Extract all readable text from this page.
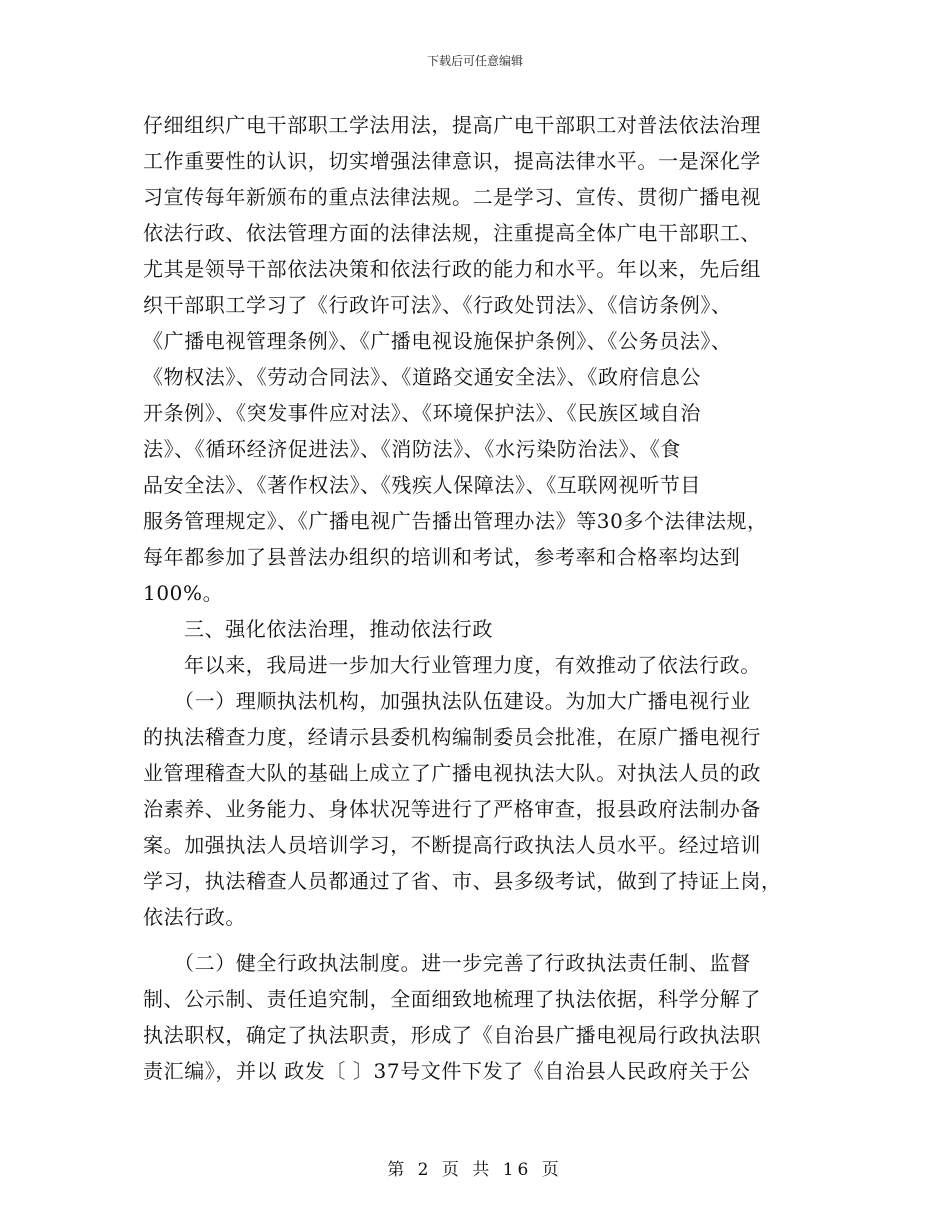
下载后可任意编辑
仔细组织广电干部职工学法用法，提高广电干部职工对普法依法治理
工作重要性的认识，切实增强法律意识，提高法律水平。一是深化学
习宣传每年新颁布的重点法律法规。二是学习、宣传、贯彻广播电视
依法行政、依法管理方面的法律法规，注重提高全体广电干部职工、
尤其是领导干部依法决策和依法行政的能力和水平。年以来，先后组
织干部职工学习了《行政许可法》、《行政处罚法》、《信访条例》、
《广播电视管理条例》、《广播电视设施保护条例》、《公务员法》、
《物权法》、《劳动合同法》、《道路交通安全法》、《政府信息公
开条例》、《突发事件应对法》、《环境保护法》、《民族区域自治
法》、《循环经济促进法》、《消防法》、《水污染防治法》、《食
品安全法》、《著作权法》、《残疾人保障法》、《互联网视听节目
服务管理规定》、《广播电视广告播出管理办法》等30多个法律法规，
每年都参加了县普法办组织的培训和考试，参考率和合格率均达到
100%。
三、强化依法治理，推动依法行政
年以来，我局进一步加大行业管理力度，有效推动了依法行政。
（一）理顺执法机构，加强执法队伍建设。为加大广播电视行业
的执法稽查力度，经请示县委机构编制委员会批准，在原广播电视行
业管理稽查大队的基础上成立了广播电视执法大队。对执法人员的政
治素养、业务能力、身体状况等进行了严格审查，报县政府法制办备
案。加强执法人员培训学习，不断提高行政执法人员水平。经过培训
学习，执法稽查人员都通过了省、市、县多级考试，做到了持证上岗，
依法行政。
（二）健全行政执法制度。进一步完善了行政执法责任制、监督
制、公示制、责任追究制，全面细致地梳理了执法依据，科学分解了
执法职权，确定了执法职责，形成了《自治县广播电视局行政执法职
责汇编》，并以 政发〔 〕37号文件下发了《自治县人民政府关于公
第 2 页 共 16 页
